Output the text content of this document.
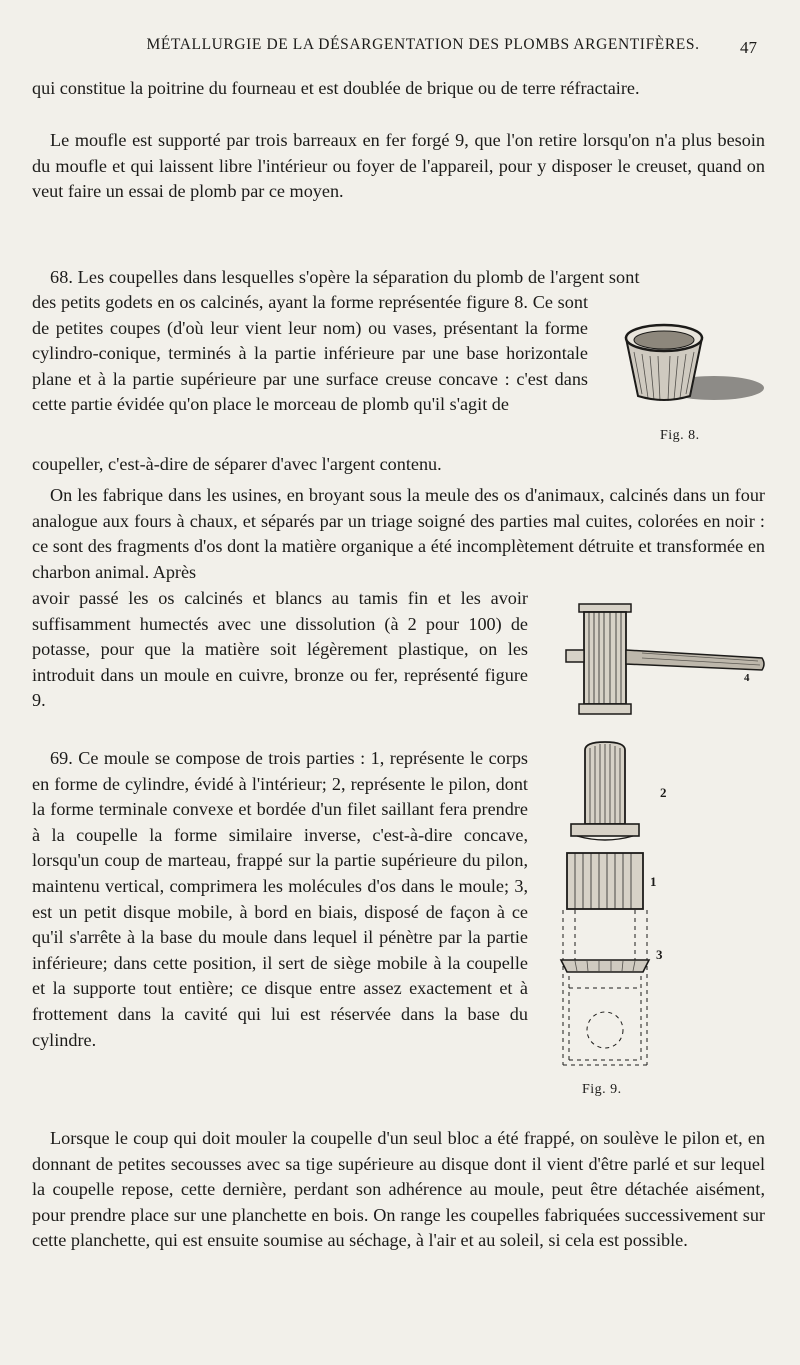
MÉTALLURGIE DE LA DÉSARGENTATION DES PLOMBS ARGENTIFÈRES.	47
qui constitue la poitrine du fourneau et est doublée de brique ou de terre réfractaire.
Le moufle est supporté par trois barreaux en fer forgé 9, que l'on retire lorsqu'on n'a plus besoin du moufle et qui laissent libre l'intérieur ou foyer de l'appareil, pour y disposer le creuset, quand on veut faire un essai de plomb par ce moyen.
68. Les coupelles dans lesquelles s'opère la séparation du plomb de l'argent sont
des petits godets en os calcinés, ayant la forme représentée figure 8. Ce sont de petites coupes (d'où leur vient leur nom) ou vases, présentant la forme cylindro-conique, terminés à la partie inférieure par une base horizontale plane et à la partie supérieure par une surface creuse concave : c'est dans cette partie évidée qu'on place le morceau de plomb qu'il s'agit de
coupeller, c'est-à-dire de séparer d'avec l'argent contenu.
Fig. 8.
On les fabrique dans les usines, en broyant sous la meule des os d'animaux, calcinés dans un four analogue aux fours à chaux, et séparés par un triage soigné des parties mal cuites, colorées en noir : ce sont des fragments d'os dont la matière organique a été incomplètement détruite et transformée en charbon animal. Après
avoir passé les os calcinés et blancs au tamis fin et les avoir suffisamment humectés avec une dissolution (à 2 pour 100) de potasse, pour que la matière soit légèrement plastique, on les introduit dans un moule en cuivre, bronze ou fer, représenté figure 9.
4
69. Ce moule se compose de trois parties : 1, représente le corps en forme de cylindre, évidé à l'intérieur; 2, représente le pilon, dont la forme terminale convexe et bordée d'un filet saillant fera prendre à la coupelle la forme similaire inverse, c'est-à-dire concave, lorsqu'un coup de marteau, frappé sur la partie supérieure du pilon, maintenu vertical, comprimera les molécules d'os dans le moule; 3, est un petit disque mobile, à bord en biais, disposé de façon à ce qu'il s'arrête à la base du moule dans lequel il pénètre par la partie inférieure; dans cette position, il sert de siège mobile à la coupelle et la supporte tout entière; ce disque entre assez exactement et à frottement dans la cavité qui lui est réservée dans la base du cylindre.
2
1
3
Fig. 9.
Lorsque le coup qui doit mouler la coupelle d'un seul bloc a été frappé, on soulève le pilon et, en donnant de petites secousses avec sa tige supérieure au disque dont il vient d'être parlé et sur lequel la coupelle repose, cette dernière, perdant son adhérence au moule, peut être détachée aisément, pour prendre place sur une planchette en bois. On range les coupelles fabriquées successivement sur cette planchette, qui est ensuite soumise au séchage, à l'air et au soleil, si cela est possible.
